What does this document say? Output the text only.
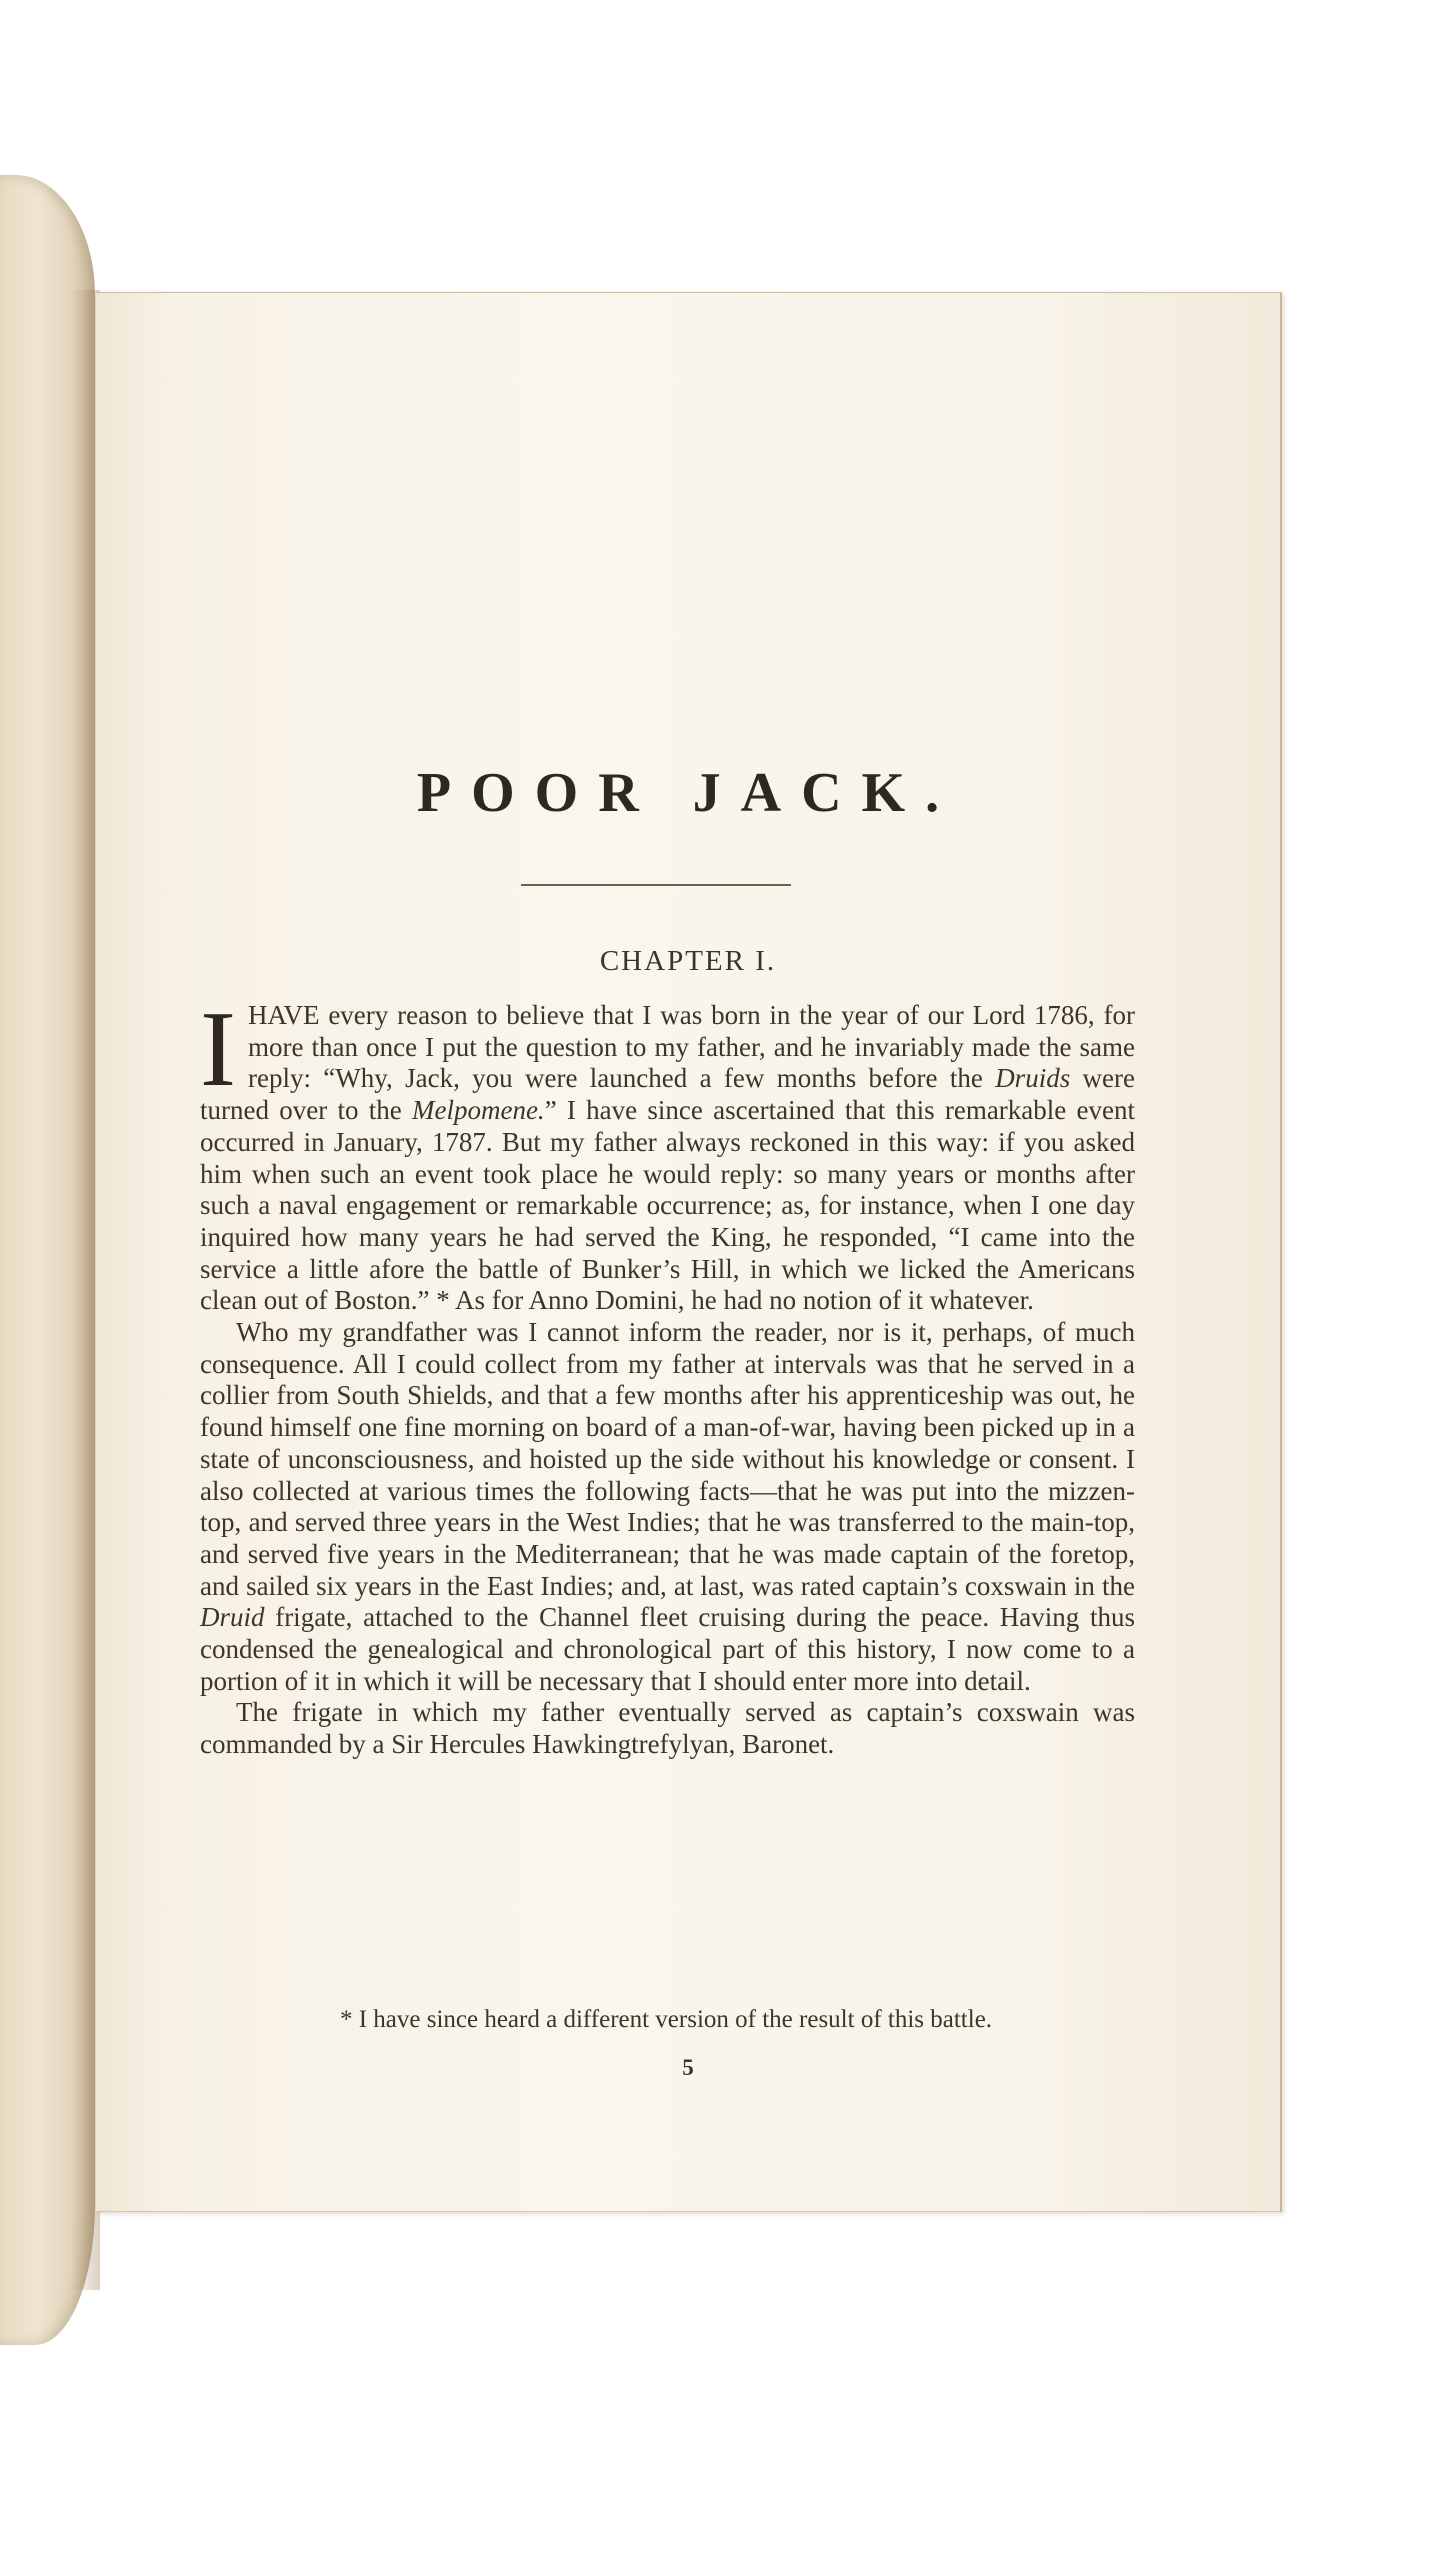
POOR JACK.
CHAPTER I.

IHAVE every reason to believe that I was born in the year of our Lord 1786, for more than once I put the question to my father, and he invariably made the same reply: “Why, Jack, you were launched a few months before the Druids were turned over to the Melpomene.” I have since ascertained that this remarkable event occurred in January, 1787. But my father always reckoned in this way: if you asked him when such an event took place he would reply: so many years or months after such a naval engagement or remarkable occurrence; as, for instance, when I one day inquired how many years he had served the King, he responded, “I came into the service a little afore the battle of Bunker’s Hill, in which we licked the Americans clean out of Boston.” * As for Anno Domini, he had no notion of it whatever.

Who my grandfather was I cannot inform the reader, nor is it, perhaps, of much consequence. All I could collect from my father at intervals was that he served in a collier from South Shields, and that a few months after his apprenticeship was out, he found himself one fine morning on board of a man-of-war, having been picked up in a state of unconsciousness, and hoisted up the side without his knowledge or consent. I also collected at various times the following facts—that he was put into the mizzen-top, and served three years in the West Indies; that he was transferred to the main-top, and served five years in the Mediterranean; that he was made captain of the foretop, and sailed six years in the East Indies; and, at last, was rated captain’s coxswain in the Druid frigate, attached to the Channel fleet cruising during the peace. Having thus condensed the genealogical and chronological part of this history, I now come to a portion of it in which it will be necessary that I should enter more into detail.

The frigate in which my father eventually served as captain’s coxswain was commanded by a Sir Hercules Hawkingtrefylyan, Baronet.

* I have since heard a different version of the result of this battle.
5
